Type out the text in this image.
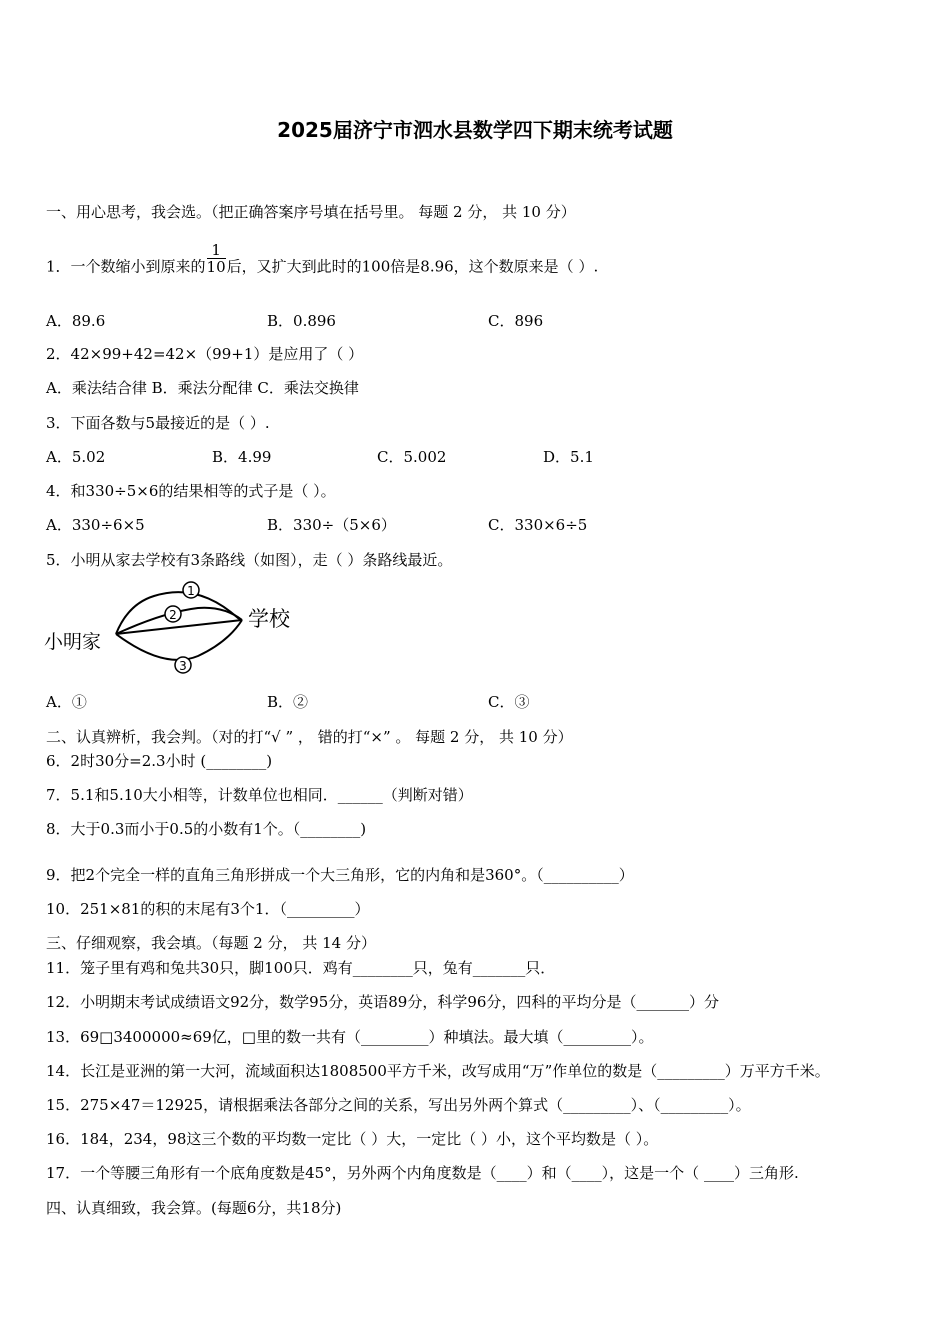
2025届济宁市泗水县数学四下期末统考试题
一、用心思考，我会选。（把正确答案序号填在括号里。 每题 2 分， 共 10 分）
1．一个数缩小到原来的 $\frac{1}{10}$ 后，又扩大到此时的100倍是8.96，这个数原来是（ ）.
A．89.6	B．0.896	C．896
2．42×99+42=42×（99+1）是应用了（ ）
A．乘法结合律 B．乘法分配律 C．乘法交换律
3．下面各数与5最接近的是（ ）.
A．5.02	B．4.99	C．5.002	D．5.1
4．和330÷5×6的结果相等的式子是（ ）。
A．330÷6×5	B．330÷（5×6）	C．330×6÷5
5．小明从家去学校有3条路线（如图），走（ ）条路线最近。
小明家
学校
1
2
3
A．①	B．②	C．③
二、认真辨析，我会判。（对的打“√ ” ， 错的打“×” 。 每题 2 分， 共 10 分）
6．2时30分=2.3小时 (________)
7．5.1和5.10大小相等，计数单位也相同．______（判断对错）
8．大于0.3而小于0.5的小数有1个。（________)
9．把2个完全一样的直角三角形拼成一个大三角形，它的内角和是360°。（__________）
10．251×81的积的末尾有3个1．（_________）
三、仔细观察，我会填。（每题 2 分， 共 14 分）
11．笼子里有鸡和兔共30只，脚100只．鸡有________只，兔有_______只．
12．小明期末考试成绩语文92分，数学95分，英语89分，科学96分，四科的平均分是（_______）分
13．69□3400000≈69亿，□里的数一共有（_________）种填法。最大填（_________）。
14．长江是亚洲的第一大河，流域面积达1808500平方千米，改写成用“万”作单位的数是（_________）万平方千米。
15．275×47＝12925，请根据乘法各部分之间的关系，写出另外两个算式（_________）、（_________）。
16．184，234，98这三个数的平均数一定比（ ）大，一定比（ ）小，这个平均数是（ ）。
17．一个等腰三角形有一个底角度数是45°，另外两个内角度数是（____）和（____），这是一个（ ____）三角形.
四、认真细致，我会算。(每题6分，共18分)
